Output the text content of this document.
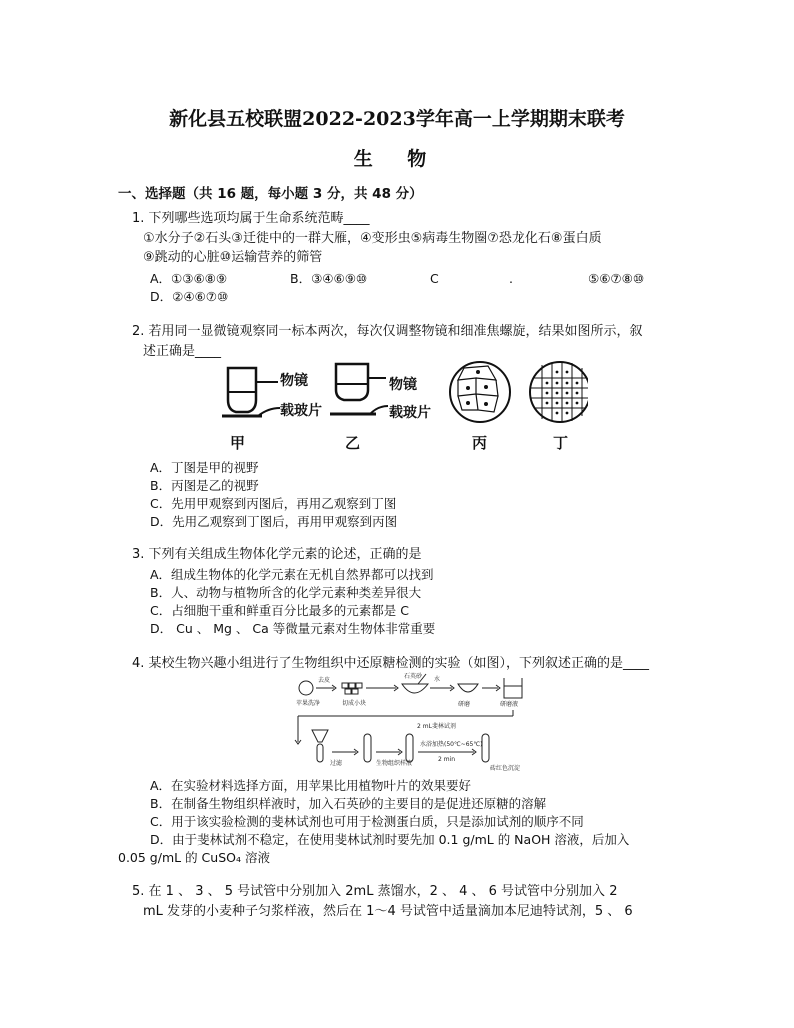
新化县五校联盟2022-2023学年高一上学期期末联考
生 物
一、选择题（共 16 题，每小题 3 分，共 48 分）
1. 下列哪些选项均属于生命系统范畴____
①水分子②石头③迁徙中的一群大雁，④变形虫⑤病毒生物圈⑦恐龙化石⑧蛋白质
⑨跳动的心脏⑩运输营养的筛管
A．①③⑥⑧⑨	B．③④⑥⑨⑩	C	.	⑤⑥⑦⑧⑩
D．②④⑥⑦⑩
2. 若用同一显微镜观察同一标本两次，每次仅调整物镜和细准焦螺旋，结果如图所示，叙
述正确是____
物镜
载玻片
物镜
载玻片
甲	乙	丙	丁
A．丁图是甲的视野
B．丙图是乙的视野
C．先用甲观察到丙图后，再用乙观察到丁图
D．先用乙观察到丁图后，再用甲观察到丙图
3. 下列有关组成生物体化学元素的论述，正确的是
A．组成生物体的化学元素在无机自然界都可以找到
B．人、动物与植物所含的化学元素种类差异很大
C．占细胞干重和鲜重百分比最多的元素都是 C
D． Cu 、 Mg 、 Ca 等微量元素对生物体非常重要
4. 某校生物兴趣小组进行了生物组织中还原糖检测的实验（如图），下列叙述正确的是____
苹果洗净
去皮
切成小块
石英砂 水
研磨	研磨液
2 mL斐林试剂
水浴加热(50℃~65℃)
2 min
过滤	生物组织样液
砖红色沉淀
A．在实验材料选择方面，用苹果比用植物叶片的效果要好
B．在制备生物组织样液时，加入石英砂的主要目的是促进还原糖的溶解
C．用于该实验检测的斐林试剂也可用于检测蛋白质，只是添加试剂的顺序不同
D．由于斐林试剂不稳定，在使用斐林试剂时要先加 0.1 g/mL 的 NaOH 溶液，后加入
0.05 g/mL 的 CuSO₄ 溶液
5. 在 1 、 3 、 5 号试管中分别加入 2mL 蒸馏水，2 、 4 、 6 号试管中分别加入 2
mL 发芽的小麦种子匀浆样液，然后在 1～4 号试管中适量滴加本尼迪特试剂，5 、 6
